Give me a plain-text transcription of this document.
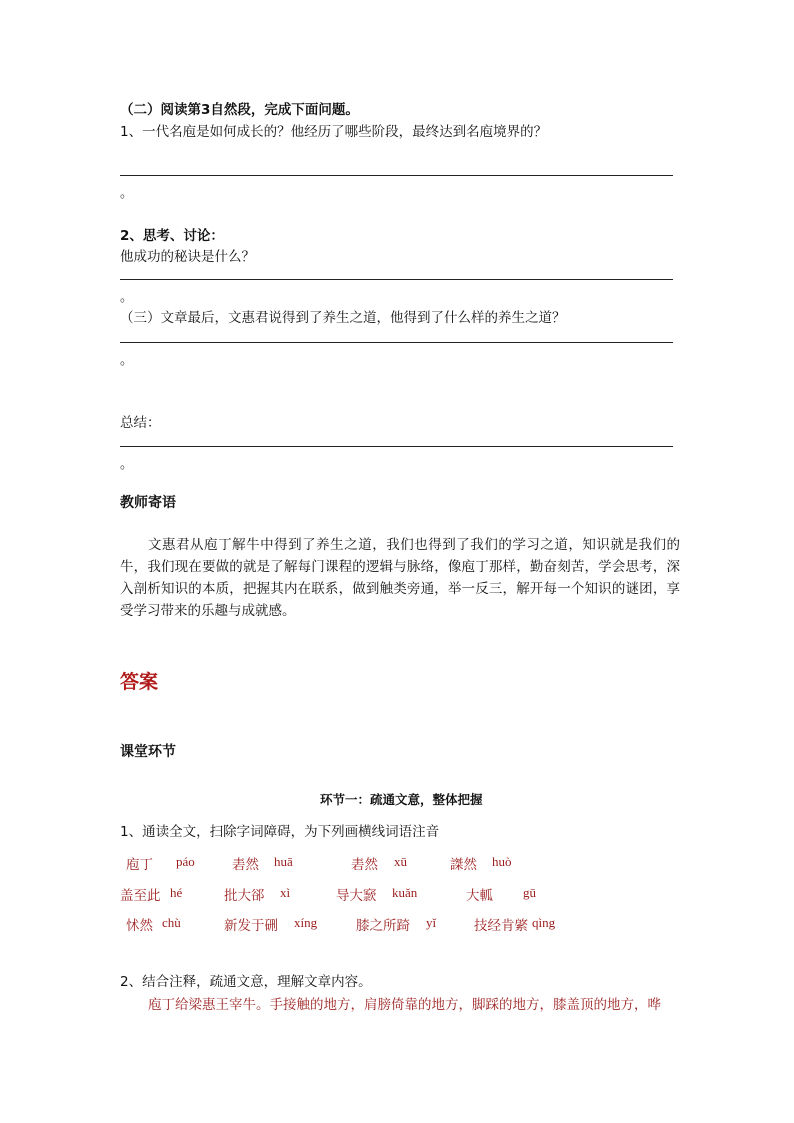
（二）阅读第3自然段，完成下面问题。
1、一代名庖是如何成长的？他经历了哪些阶段，最终达到名庖境界的？
。
2、思考、讨论：
他成功的秘诀是什么？
。
（三）文章最后，文惠君说得到了养生之道，他得到了什么样的养生之道？
。
总结：
。
教师寄语
文惠君从庖丁解牛中得到了养生之道，我们也得到了我们的学习之道，知识就是我们的牛，我们现在要做的就是了解每门课程的逻辑与脉络，像庖丁那样，勤奋刻苦，学会思考，深入剖析知识的本质，把握其内在联系，做到触类旁通，举一反三，解开每一个知识的谜团，享受学习带来的乐趣与成就感。
答案
课堂环节
环节一：疏通文意，整体把握
1、通读全文，扫除字词障碍，为下列画横线词语注音
庖丁 páo	砉然 huā	砉然 xū	謋然 huò
盖至此 hé	批大郤 xì	导大窾 kuǎn	大軱 gū
怵然 chù	新发于硎 xíng	膝之所踦 yǐ	技经肯綮 qìng
2、结合注释，疏通文意，理解文章内容。
庖丁给梁惠王宰牛。手接触的地方，肩膀倚靠的地方，脚踩的地方，膝盖顶的地方，哗
